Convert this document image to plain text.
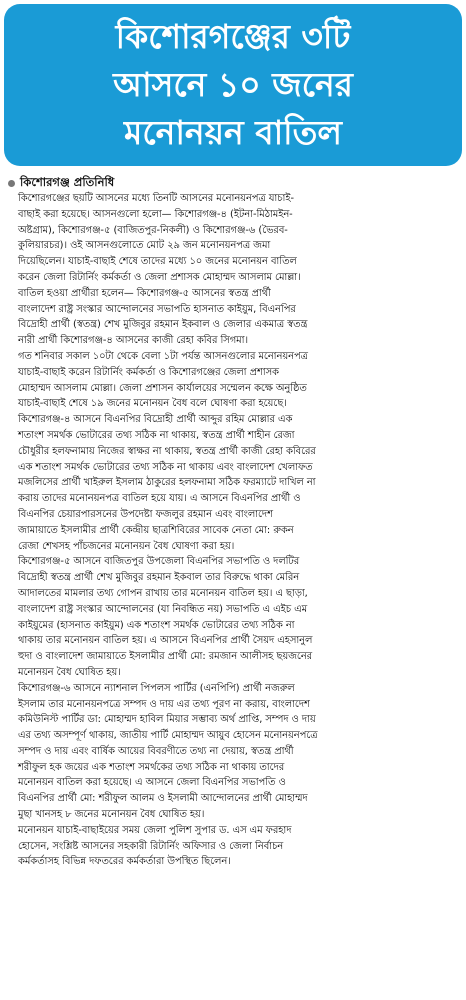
কিশোরগঞ্জের ৩টি
আসনে ১০ জনের
মনোনয়ন বাতিল
কিশোরগঞ্জ প্রতিনিধি
কিশোরগঞ্জের ছয়টি আসনের মধ্যে তিনটি আসনের মনোনয়নপত্র যাচাই-
বাছাই করা হয়েছে। আসনগুলো হলো— কিশোরগঞ্জ-৪ (ইটনা-মিঠামইন-
অষ্টগ্রাম), কিশোরগঞ্জ-৫ (বাজিতপুর-নিকলী) ও কিশোরগঞ্জ-৬ (ভৈরব-
কুলিয়ারচর)। ওই আসনগুলোতে মোট ২৯ জন মনোনয়নপত্র জমা
দিয়েছিলেন। যাচাই-বাছাই শেষে তাদের মধ্যে ১০ জনের মনোনয়ন বাতিল
করেন জেলা রিটার্নিং কর্মকর্তা ও জেলা প্রশাসক মোহাম্মদ আসলাম মোল্লা।
বাতিল হওয়া প্রার্থীরা হলেন— কিশোরগঞ্জ-৫ আসনের স্বতন্ত্র প্রার্থী
বাংলাদেশ রাষ্ট্র সংস্কার আন্দোলনের সভাপতি হাসনাত কাইয়ুম, বিএনপির
বিদ্রোহী প্রার্থী (স্বতন্ত্র) শেখ মুজিবুর রহমান ইকবাল ও জেলার একমাত্র স্বতন্ত্র
নারী প্রার্থী কিশোরগঞ্জ-৪ আসনের কাজী রেহা কবির সিগমা।
গত শনিবার সকাল ১০টা থেকে বেলা ১টা পর্যন্ত আসনগুলোর মনোনয়নপত্র
যাচাই-বাছাই করেন রিটার্নিং কর্মকর্তা ও কিশোরগঞ্জের জেলা প্রশাসক
মোহাম্মদ আসলাম মোল্লা। জেলা প্রশাসন কার্যালয়ের সম্মেলন কক্ষে অনুষ্ঠিত
যাচাই-বাছাই শেষে ১৯ জনের মনোনয়ন বৈধ বলে ঘোষণা করা হয়েছে।
কিশোরগঞ্জ-৪ আসনে বিএনপির বিদ্রোহী প্রার্থী আব্দুর রহিম মোল্লার এক
শতাংশ সমর্থক ভোটারের তথ্য সঠিক না থাকায়, স্বতন্ত্র প্রার্থী শাহীন রেজা
চৌধুরীর হলফনামায় নিজের স্বাক্ষর না থাকায়, স্বতন্ত্র প্রার্থী কাজী রেহা কবিরের
এক শতাংশ সমর্থক ভোটারের তথ্য সঠিক না থাকায় এবং বাংলাদেশ খেলাফত
মজলিসের প্রার্থী খাইরুল ইসলাম ঠাকুরের হলফনামা সঠিক ফরম্যাটে দাখিল না
করায় তাদের মনোনয়নপত্র বাতিল হয়ে যায়। এ আসনে বিএনপির প্রার্থী ও
বিএনপির চেয়ারপারসনের উপদেষ্টা ফজলুর রহমান এবং বাংলাদেশ
জামায়াতে ইসলামীর প্রার্থী কেন্দ্রীয় ছাত্রশিবিরের সাবেক নেতা মো: রুকন
রেজা শেখসহ পাঁচজনের মনোনয়ন বৈধ ঘোষণা করা হয়।
কিশোরগঞ্জ-৫ আসনে বাজিতপুর উপজেলা বিএনপির সভাপতি ও দলটির
বিদ্রোহী স্বতন্ত্র প্রার্থী শেখ মুজিবুর রহমান ইকবাল তার বিরুদ্ধে থাকা মেরিন
আদালতের মামলার তথ্য গোপন রাখায় তার মনোনয়ন বাতিল হয়। এ ছাড়া,
বাংলাদেশ রাষ্ট্র সংস্কার আন্দোলনের (যা নিবন্ধিত নয়) সভাপতি এ এইচ এম
কাইয়ুমের (হাসনাত কাইয়ুম) এক শতাংশ সমর্থক ভোটারের তথ্য সঠিক না
থাকায় তার মনোনয়ন বাতিল হয়। এ আসনে বিএনপির প্রার্থী সৈয়দ এহসানুল
হুদা ও বাংলাদেশ জামায়াতে ইসলামীর প্রার্থী মো: রমজান আলীসহ ছয়জনের
মনোনয়ন বৈধ ঘোষিত হয়।
কিশোরগঞ্জ-৬ আসনে ন্যাশনাল পিপলস পার্টির (এনপিপি) প্রার্থী নজরুল
ইসলাম তার মনোনয়নপত্রে সম্পদ ও দায় এর তথ্য পূরণ না করায়, বাংলাদেশ
কমিউনিস্ট পার্টির ডা: মোহাম্মদ হাবিল মিয়ার সম্ভাব্য অর্থ প্রাপ্তি, সম্পদ ও দায়
এর তথ্য অসম্পূর্ণ থাকায়, জাতীয় পার্টি মোহাম্মদ আয়ুব হোসেন মনোনয়নপত্রে
সম্পদ ও দায় এবং বার্ষিক আয়ের বিবরণীতে তথ্য না দেয়ায়, স্বতন্ত্র প্রার্থী
শরীফুল হক জয়ের এক শতাংশ সমর্থকের তথ্য সঠিক না থাকায় তাদের
মনোনয়ন বাতিল করা হয়েছে। এ আসনে জেলা বিএনপির সভাপতি ও
বিএনপির প্রার্থী মো: শরীফুল আলম ও ইসলামী আন্দোলনের প্রার্থী মোহাম্মদ
মুছা খানসহ ৮ জনের মনোনয়ন বৈধ ঘোষিত হয়।
মনোনয়ন যাচাই-বাছাইয়ের সময় জেলা পুলিশ সুপার ড. এস এম ফরহাদ
হোসেন, সংশ্লিষ্ট আসনের সহকারী রিটার্নিং অফিসার ও জেলা নির্বাচন
কর্মকর্তাসহ বিভিন্ন দফতরের কর্মকর্তারা উপস্থিত ছিলেন।
